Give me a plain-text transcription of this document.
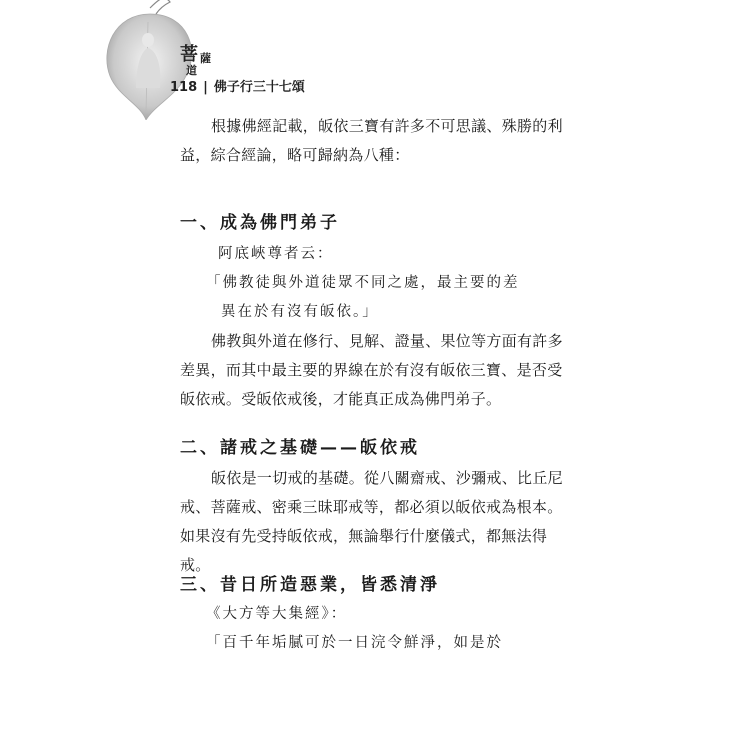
菩 薩
道
118 | 佛子行三十七頌

根據佛經記載，皈依三寶有許多不可思議、殊勝的利益，綜合經論，略可歸納為八種：

一、成為佛門弟子
阿底峽尊者云：
「佛教徒與外道徒眾不同之處，最主要的差
異在於有沒有皈依。」

佛教與外道在修行、見解、證量、果位等方面有許多差異，而其中最主要的界線在於有沒有皈依三寶、是否受皈依戒。受皈依戒後，才能真正成為佛門弟子。

二、諸戒之基礎——皈依戒

皈依是一切戒的基礎。從八關齋戒、沙彌戒、比丘尼戒、菩薩戒、密乘三昧耶戒等，都必須以皈依戒為根本。如果沒有先受持皈依戒，無論舉行什麼儀式，都無法得戒。

三、昔日所造惡業，皆悉清淨
《大方等大集經》：
「百千年垢膩可於一日浣令鮮淨，如是於
